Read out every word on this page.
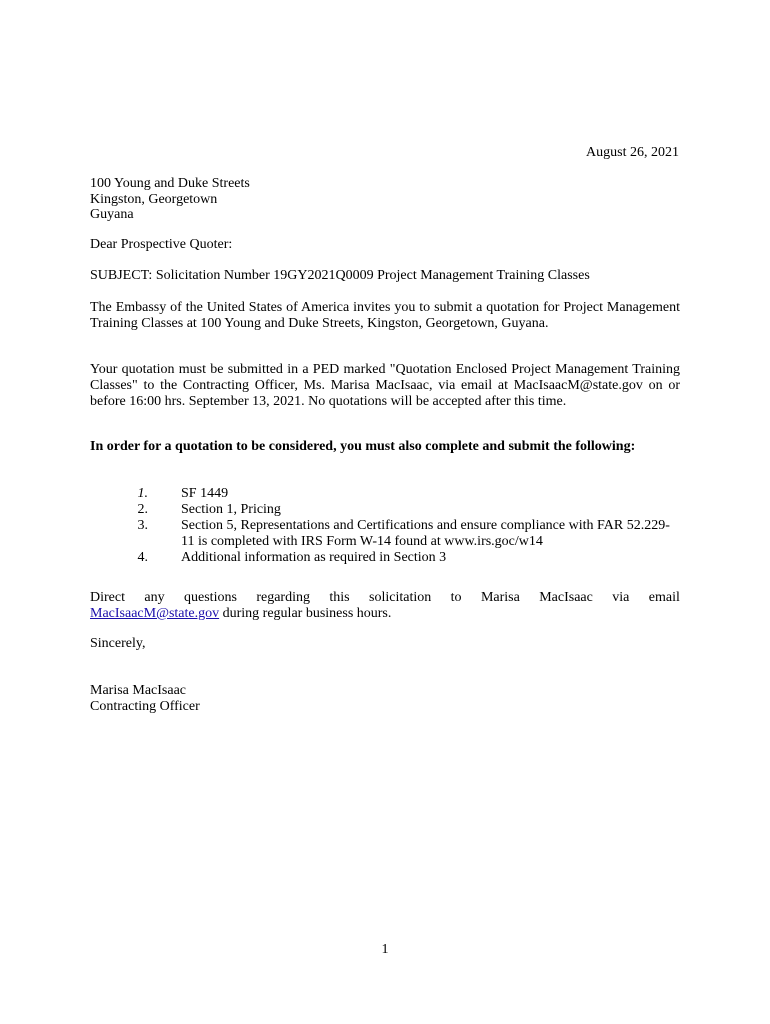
August 26, 2021
100 Young and Duke Streets
Kingston, Georgetown
Guyana
Dear Prospective Quoter:
SUBJECT: Solicitation Number 19GY2021Q0009 Project Management Training Classes
The Embassy of the United States of America invites you to submit a quotation for Project Management Training Classes at 100 Young and Duke Streets, Kingston, Georgetown, Guyana.
Your quotation must be submitted in a PED marked "Quotation Enclosed Project Management Training Classes" to the Contracting Officer, Ms. Marisa MacIsaac, via email at MacIsaacM@state.gov on or before 16:00 hrs. September 13, 2021. No quotations will be accepted after this time.
In order for a quotation to be considered, you must also complete and submit the following:
1.	SF 1449
2.	Section 1, Pricing
3.	Section 5, Representations and Certifications and ensure compliance with FAR 52.229-11 is completed with IRS Form W-14 found at www.irs.goc/w14
4.	Additional information as required in Section 3
Direct any questions regarding this solicitation to Marisa MacIsaac via email
MacIsaacM@state.gov during regular business hours.
Sincerely,
Marisa MacIsaac
Contracting Officer
1
